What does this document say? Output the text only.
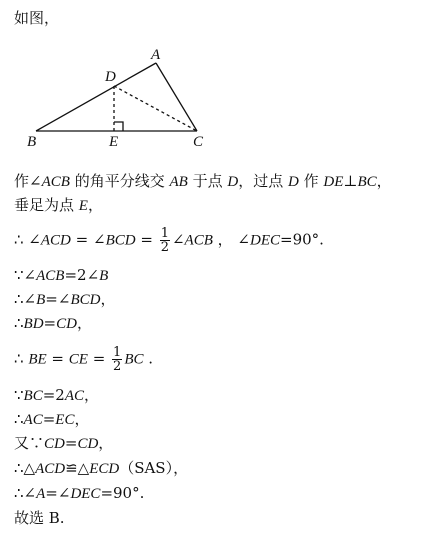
如图，
A
B	C
D
E
作∠ACB 的角平分线交 AB 于点 D，过点 D 作 DE⊥BC，
垂足为点 E，
∴ ∠ACD = ∠BCD = $\frac{1}{2}$ ∠ACB ， ∠DEC=90°.
∵∠ACB=2∠B
∴∠B=∠BCD，
∴BD=CD，
∴ BE = CE = $\frac{1}{2}$ BC .
∵BC=2AC，
∴AC=EC，
又∵CD=CD，
∴△ACD≌△ECD（SAS），
∴∠A=∠DEC=90°.
故选 B.
